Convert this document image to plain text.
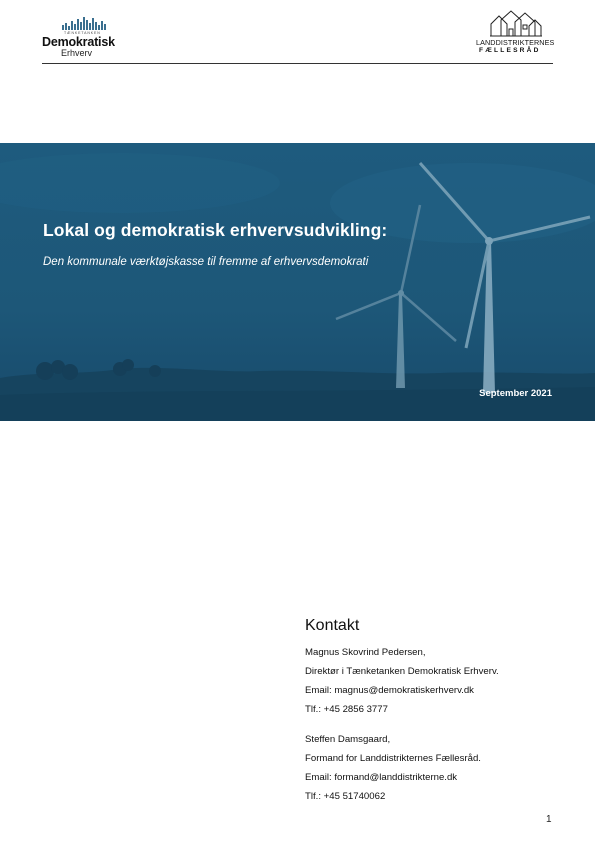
TÆNKETANKEN
Demokratisk
Erhverv
LANDDISTRIKTERNES
FÆLLESRÅD
Lokal og demokratisk erhvervsudvikling:
Den kommunale værktøjskasse til fremme af erhvervsdemokrati
September 2021
Kontakt
Magnus Skovrind Pedersen,
Direktør i Tænketanken Demokratisk Erhverv.
Email: magnus@demokratiskerhverv.dk
Tlf.: +45 2856 3777
Steffen Damsgaard,
Formand for Landdistrikternes Fællesråd.
Email: formand@landdistrikterne.dk
Tlf.: +45 51740062
1
